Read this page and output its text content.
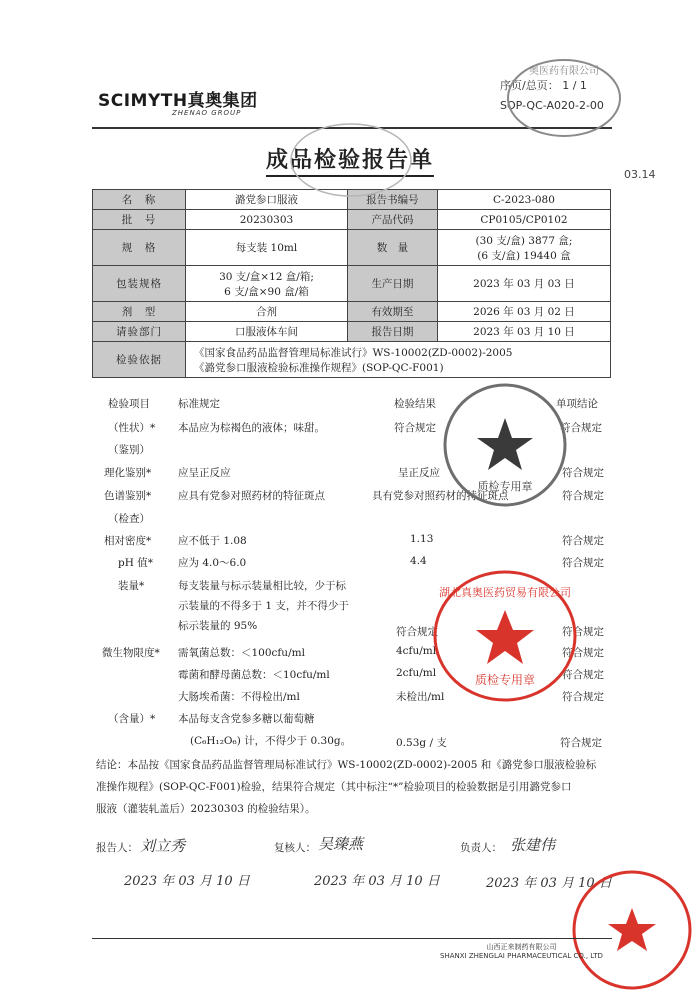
SCIMYTH真奥集团
ZHENAO GROUP
序页/总页： 1 / 1
SOP-QC-A020-2-00
成品检验报告单
03.14
名　称	潞党参口服液	报告书编号	C-2023-080
批　号	20230303	产品代码	CP0105/CP0102
规　格	每支装 10ml	数　量	(30 支/盒) 3877 盒;
(6 支/盒) 19440 盒

包装规格	30 支/盒×12 盒/箱;
6 支/盒×90 盒/箱	生产日期	2023 年 03 月 03 日
剂　型	合剂	有效期至	2026 年 03 月 02 日
请验部门	口服液体车间	报告日期	2023 年 03 月 10 日
检验依据	《国家食品药品监督管理局标准试行》WS-10002(ZD-0002)-2005
《潞党参口服液检验标准操作规程》(SOP-QC-F001)		
检验项目	标准规定	检验结果	单项结论
（性状）* 本品应为棕褐色的液体；味甜。	符合规定	符合规定
（鉴别）
理化鉴别*	应呈正反应	呈正反应	符合规定
色谱鉴别*	应具有党参对照药材的特征斑点	具有党参对照药材的特征斑点	符合规定
（检查）
相对密度*	应不低于 1.08	1.13	符合规定
pH 值* 应为 4.0～6.0	4.4	符合规定
装量*	每支装量与标示装量相比较，少于标
示装量的不得多于 1 支，并不得少于
标示装量的 95%	符合规定	符合规定
微生物限度* 需氧菌总数：＜100cfu/ml	4cfu/ml	符合规定
霉菌和酵母菌总数：＜10cfu/ml	2cfu/ml	符合规定
大肠埃希菌：不得检出/ml	未检出/ml	符合规定
（含量）* 本品每支含党参多糖以葡萄糖
(C₆H₁₂O₆) 计，不得少于 0.30g。	0.53g / 支	符合规定
结论：本品按《国家食品药品监督管理局标准试行》WS-10002(ZD-0002)-2005 和《潞党参口服液检验标
准操作规程》(SOP-QC-F001)检验，结果符合规定（其中标注“*”检验项目的检验数据是引用潞党参口
服液（灌装轧盖后）20230303 的检验结果）。
报告人： 刘立秀	复核人： 吴臻燕	负责人： 张建伟
2023 年 03 月 10 日	2023 年 03 月 10 日	2023 年 03 月 10 日
奥医药有限公司
质检专用章
湖北真奥医药贸易有限公司
质检专用章
山西正来制药有限公司
SHANXI ZHENGLAI PHARMACEUTICAL CO., LTD
